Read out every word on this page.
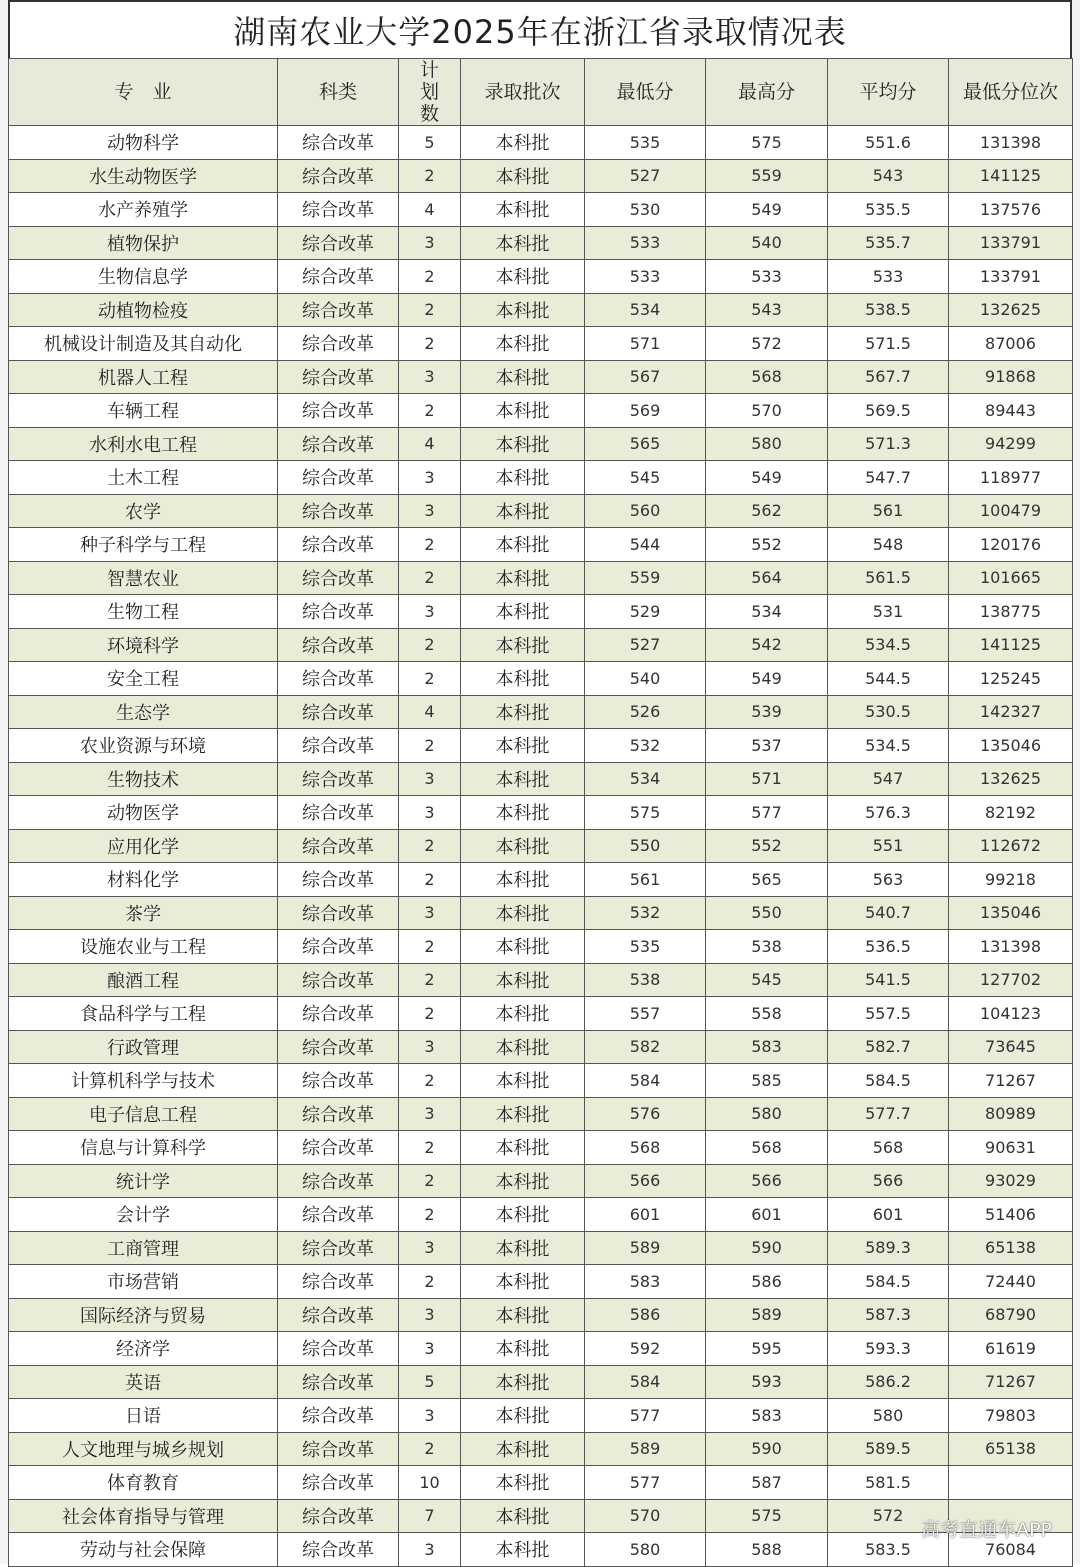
湖南农业大学2025年在浙江省录取情况表
专　业	科类	计划数	录取批次	最低分	最高分	平均分	最低分位次
动物科学	综合改革	5	本科批	535	575	551.6	131398
水生动物医学	综合改革	2	本科批	527	559	543	141125
水产养殖学	综合改革	4	本科批	530	549	535.5	137576
植物保护	综合改革	3	本科批	533	540	535.7	133791
生物信息学	综合改革	2	本科批	533	533	533	133791
动植物检疫	综合改革	2	本科批	534	543	538.5	132625
机械设计制造及其自动化	综合改革	2	本科批	571	572	571.5	87006
机器人工程	综合改革	3	本科批	567	568	567.7	91868
车辆工程	综合改革	2	本科批	569	570	569.5	89443
水利水电工程	综合改革	4	本科批	565	580	571.3	94299
土木工程	综合改革	3	本科批	545	549	547.7	118977
农学	综合改革	3	本科批	560	562	561	100479
种子科学与工程	综合改革	2	本科批	544	552	548	120176
智慧农业	综合改革	2	本科批	559	564	561.5	101665
生物工程	综合改革	3	本科批	529	534	531	138775
环境科学	综合改革	2	本科批	527	542	534.5	141125
安全工程	综合改革	2	本科批	540	549	544.5	125245
生态学	综合改革	4	本科批	526	539	530.5	142327
农业资源与环境	综合改革	2	本科批	532	537	534.5	135046
生物技术	综合改革	3	本科批	534	571	547	132625
动物医学	综合改革	3	本科批	575	577	576.3	82192
应用化学	综合改革	2	本科批	550	552	551	112672
材料化学	综合改革	2	本科批	561	565	563	99218
茶学	综合改革	3	本科批	532	550	540.7	135046
设施农业与工程	综合改革	2	本科批	535	538	536.5	131398
酿酒工程	综合改革	2	本科批	538	545	541.5	127702
食品科学与工程	综合改革	2	本科批	557	558	557.5	104123
行政管理	综合改革	3	本科批	582	583	582.7	73645
计算机科学与技术	综合改革	2	本科批	584	585	584.5	71267
电子信息工程	综合改革	3	本科批	576	580	577.7	80989
信息与计算科学	综合改革	2	本科批	568	568	568	90631
统计学	综合改革	2	本科批	566	566	566	93029
会计学	综合改革	2	本科批	601	601	601	51406
工商管理	综合改革	3	本科批	589	590	589.3	65138
市场营销	综合改革	2	本科批	583	586	584.5	72440
国际经济与贸易	综合改革	3	本科批	586	589	587.3	68790
经济学	综合改革	3	本科批	592	595	593.3	61619
英语	综合改革	5	本科批	584	593	586.2	71267
日语	综合改革	3	本科批	577	583	580	79803
人文地理与城乡规划	综合改革	2	本科批	589	590	589.5	65138
体育教育	综合改革	10	本科批	577	587	581.5	
社会体育指导与管理	综合改革	7	本科批	570	575	572	
劳动与社会保障	综合改革	3	本科批	580	588	583.5	76084
高考直通车APP
